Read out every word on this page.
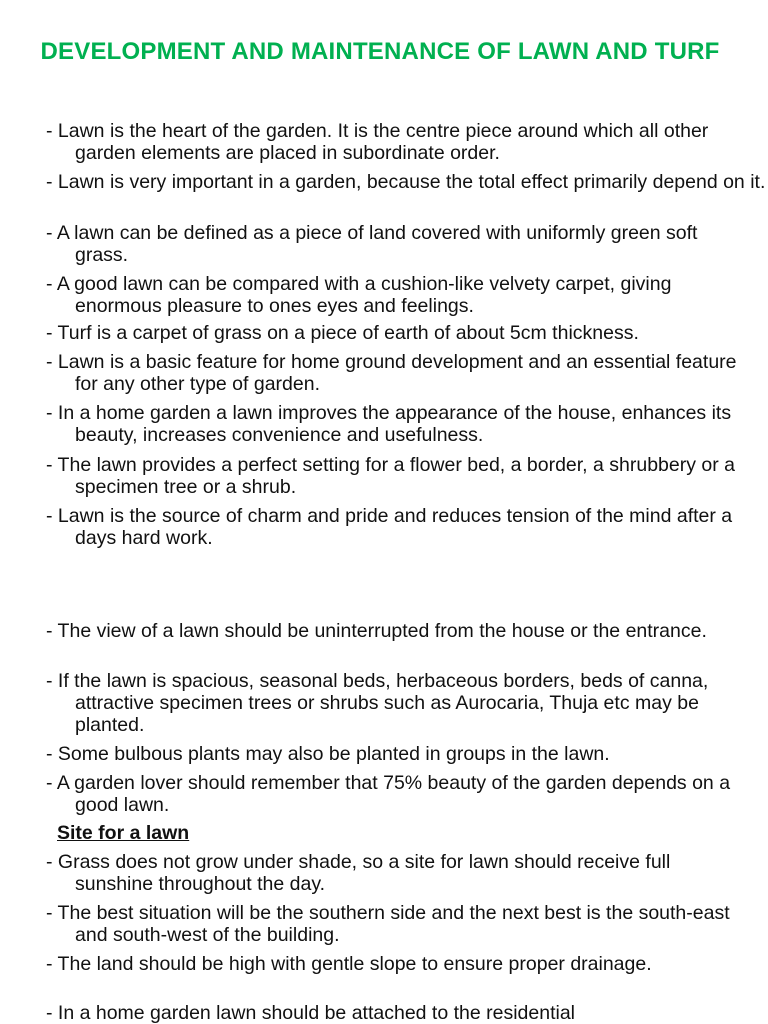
DEVELOPMENT AND MAINTENANCE OF LAWN AND TURF

- Lawn is the heart of the garden. It is the centre piece around which all other garden elements are placed in subordinate order.

- Lawn is very important in a garden, because the total effect primarily depend on it.

- A lawn can be defined as a piece of land covered with uniformly green soft grass.

- A good lawn can be compared with a cushion-like velvety carpet, giving enormous pleasure to ones eyes and feelings.

- Turf is a carpet of grass on a piece of earth of about 5cm thickness.

- Lawn is a basic feature for home ground development and an essential feature for any other type of garden.

- In a home garden a lawn improves the appearance of the house, enhances its beauty, increases convenience and usefulness.

- The lawn provides a perfect setting for a flower bed, a border, a shrubbery or a specimen tree or a shrub.

- Lawn is the source of charm and pride and reduces tension of the mind after a days hard work.

- The view of a lawn should be uninterrupted from the house or the entrance.

- If the lawn is spacious, seasonal beds, herbaceous borders, beds of canna, attractive specimen trees or shrubs such as Aurocaria, Thuja etc may be planted.

- Some bulbous plants may also be planted in groups in the lawn.

- A garden lover should remember that 75% beauty of the garden depends on a good lawn.

Site for a lawn

- Grass does not grow under shade, so a site for lawn should receive full sunshine throughout the day.

- The best situation will be the southern side and the next best is the south-east and south-west of the building.

- The land should be high with gentle slope to ensure proper drainage.

- In a home garden lawn should be attached to the residential
